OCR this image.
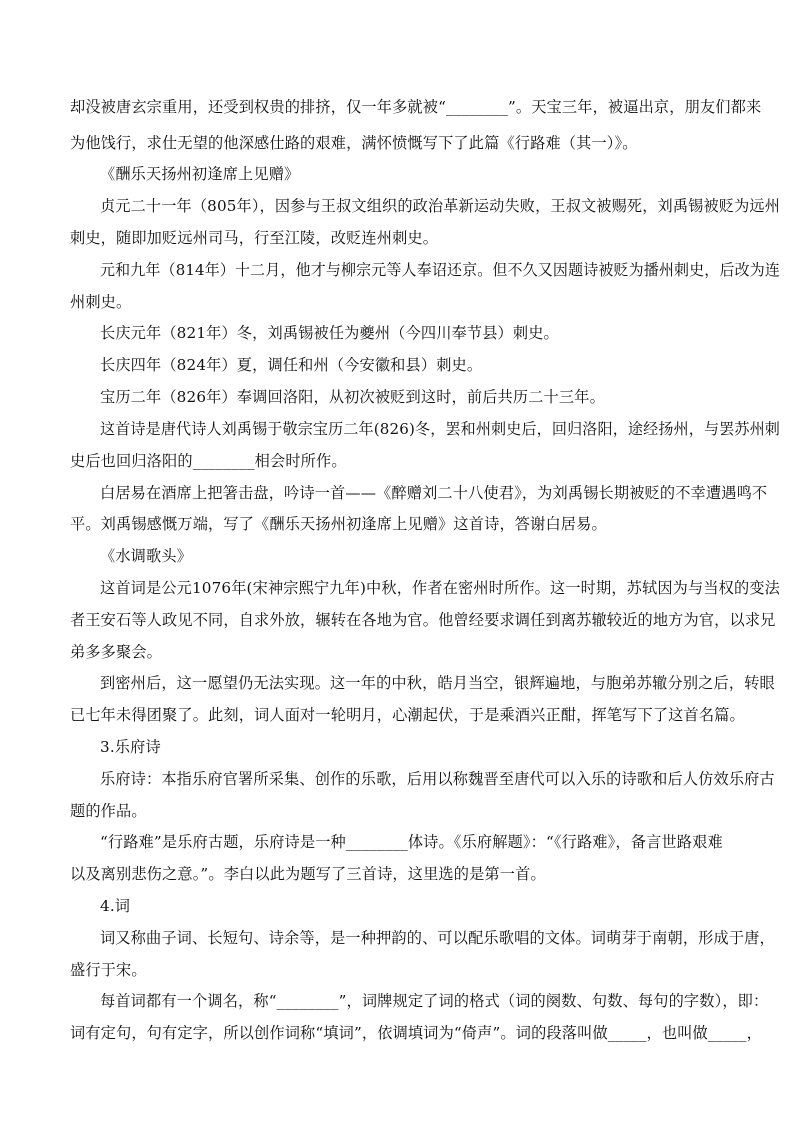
却没被唐玄宗重用，还受到权贵的排挤，仅一年多就被“________”。天宝三年，被逼出京，朋友们都来
为他饯行，求仕无望的他深感仕路的艰难，满怀愤慨写下了此篇《行路难（其一）》。
《酬乐天扬州初逢席上见赠》
贞元二十一年（805年），因参与王叔文组织的政治革新运动失败，王叔文被赐死，刘禹锡被贬为远州
刺史，随即加贬远州司马，行至江陵，改贬连州刺史。
元和九年（814年）十二月，他才与柳宗元等人奉诏还京。但不久又因题诗被贬为播州刺史，后改为连
州刺史。
长庆元年（821年）冬，刘禹锡被任为夔州（今四川奉节县）刺史。
长庆四年（824年）夏，调任和州（今安徽和县）刺史。
宝历二年（826年）奉调回洛阳，从初次被贬到这时，前后共历二十三年。
这首诗是唐代诗人刘禹锡于敬宗宝历二年(826)冬，罢和州刺史后，回归洛阳，途经扬州，与罢苏州刺
史后也回归洛阳的________相会时所作。
白居易在酒席上把箸击盘，吟诗一首——《醉赠刘二十八使君》，为刘禹锡长期被贬的不幸遭遇鸣不
平。刘禹锡感慨万端，写了《酬乐天扬州初逢席上见赠》这首诗，答谢白居易。
《水调歌头》
这首词是公元1076年(宋神宗熙宁九年)中秋，作者在密州时所作。这一时期，苏轼因为与当权的变法
者王安石等人政见不同，自求外放，辗转在各地为官。他曾经要求调任到离苏辙较近的地方为官，以求兄
弟多多聚会。
到密州后，这一愿望仍无法实现。这一年的中秋，皓月当空，银辉遍地，与胞弟苏辙分别之后，转眼
已七年未得团聚了。此刻，词人面对一轮明月，心潮起伏，于是乘酒兴正酣，挥笔写下了这首名篇。
3.乐府诗
乐府诗：本指乐府官署所采集、创作的乐歌，后用以称魏晋至唐代可以入乐的诗歌和后人仿效乐府古
题的作品。
“行路难”是乐府古题，乐府诗是一种________体诗。《乐府解题》：“《行路难》，备言世路艰难
以及离别悲伤之意。”。李白以此为题写了三首诗，这里选的是第一首。
4.词
词又称曲子词、长短句、诗余等，是一种押韵的、可以配乐歌唱的文体。词萌芽于南朝，形成于唐，
盛行于宋。
每首词都有一个调名，称“________”，词牌规定了词的格式（词的阕数、句数、每句的字数），即：
词有定句，句有定字，所以创作词称“填词”，依调填词为“倚声”。词的段落叫做_____，也叫做_____，
